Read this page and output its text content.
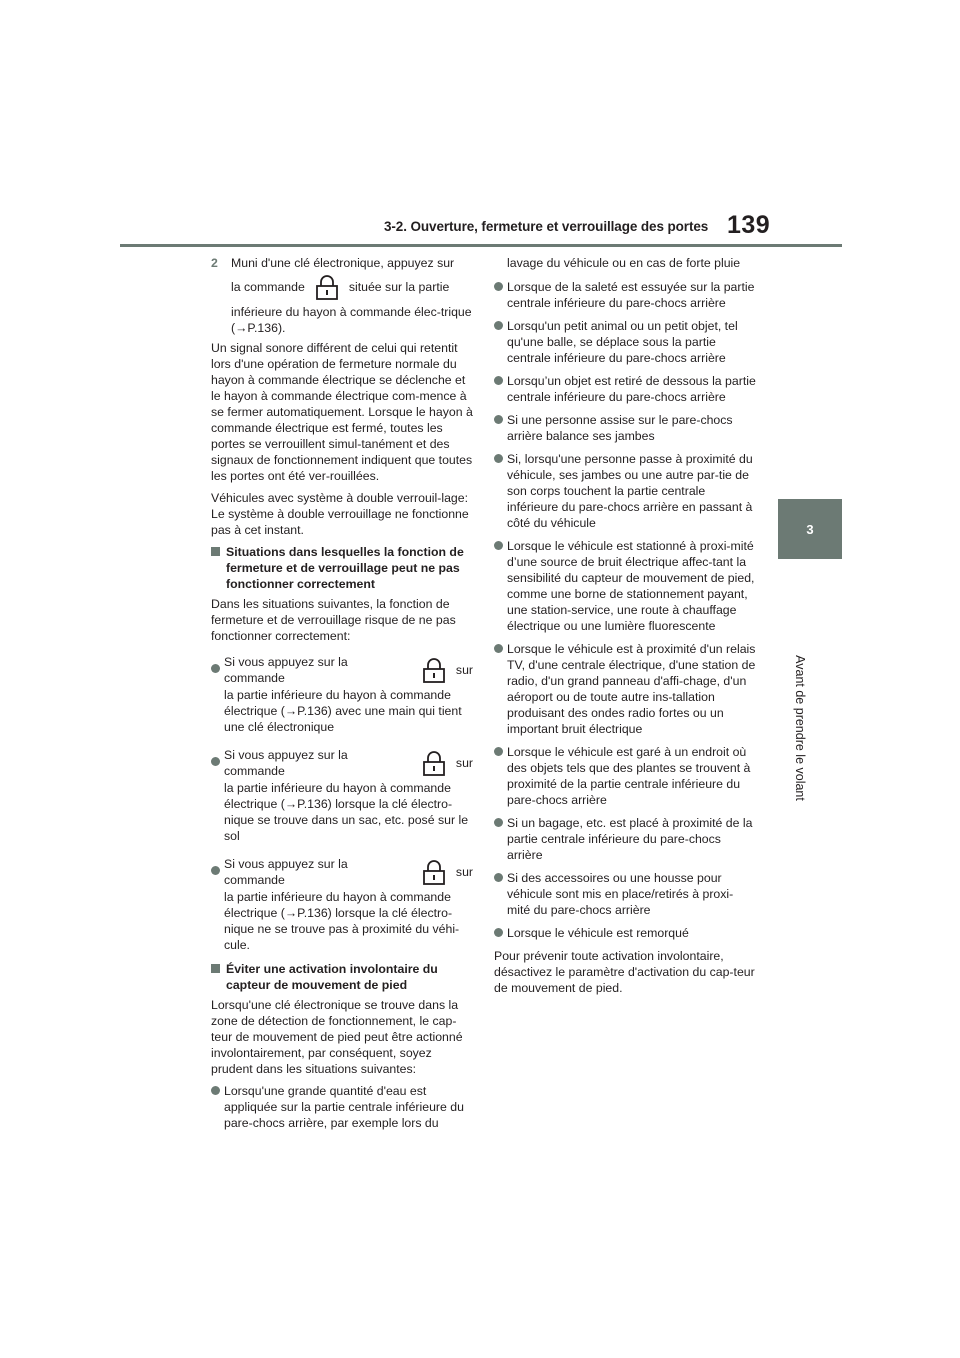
3-2. Ouverture, fermeture et verrouillage des portes 139
3
Avant de prendre le volant
2 Muni d'une clé électronique, appuyez sur
la commande	située sur la partie
inférieure du hayon à commande élec-trique (→P.136).

Un signal sonore différent de celui qui retentit lors d'une opération de fermeture normale du hayon à commande électrique se déclenche et le hayon à commande électrique com-mence à se fermer automatiquement. Lorsque le hayon à commande électrique est fermé, toutes les portes se verrouillent simul-tanément et des signaux de fonctionnement indiquent que toutes les portes ont été ver-rouillées.

Véhicules avec système à double verrouil-lage: Le système à double verrouillage ne fonctionne pas à cet instant.

Situations dans lesquelles la fonction de fermeture et de verrouillage peut ne pas fonctionner correctement

Dans les situations suivantes, la fonction de fermeture et de verrouillage risque de ne pas fonctionner correctement:

Si vous appuyez sur la commande
sur
la partie inférieure du hayon à commande électrique (→P.136) avec une main qui tient une clé électronique
Si vous appuyez sur la commande
sur
la partie inférieure du hayon à commande électrique (→P.136) lorsque la clé électro-nique se trouve dans un sac, etc. posé sur le sol
Si vous appuyez sur la commande
sur
la partie inférieure du hayon à commande électrique (→P.136) lorsque la clé électro-nique ne se trouve pas à proximité du véhi-cule.
Éviter une activation involontaire du capteur de mouvement de pied

Lorsqu'une clé électronique se trouve dans la zone de détection de fonctionnement, le cap-teur de mouvement de pied peut être actionné involontairement, par conséquent, soyez prudent dans les situations suivantes:

Lorsqu'une grande quantité d'eau est appliquée sur la partie centrale inférieure du pare-chocs arrière, par exemple lors du

lavage du véhicule ou en cas de forte pluie

Lorsque de la saleté est essuyée sur la partie centrale inférieure du pare-chocs arrière
Lorsqu'un petit animal ou un petit objet, tel qu'une balle, se déplace sous la partie centrale inférieure du pare-chocs arrière
Lorsqu’un objet est retiré de dessous la partie centrale inférieure du pare-chocs arrière
Si une personne assise sur le pare-chocs arrière balance ses jambes
Si, lorsqu'une personne passe à proximité du véhicule, ses jambes ou une autre par-tie de son corps touchent la partie centrale inférieure du pare-chocs arrière en passant à côté du véhicule
Lorsque le véhicule est stationné à proxi-mité d’une source de bruit électrique affec-tant la sensibilité du capteur de mouvement de pied, comme une borne de stationnement payant, une station-service, une route à chauffage électrique ou une lumière fluorescente
Lorsque le véhicule est à proximité d'un relais TV, d'une centrale électrique, d'une station de radio, d'un grand panneau d'affi-chage, d'un aéroport ou de toute autre ins-tallation produisant des ondes radio fortes ou un important bruit électrique
Lorsque le véhicule est garé à un endroit où des objets tels que des plantes se trouvent à proximité de la partie centrale inférieure du pare-chocs arrière
Si un bagage, etc. est placé à proximité de la partie centrale inférieure du pare-chocs arrière
Si des accessoires ou une housse pour véhicule sont mis en place/retirés à proxi-mité du pare-chocs arrière
Lorsque le véhicule est remorqué

Pour prévenir toute activation involontaire, désactivez le paramètre d'activation du cap-teur de mouvement de pied.
